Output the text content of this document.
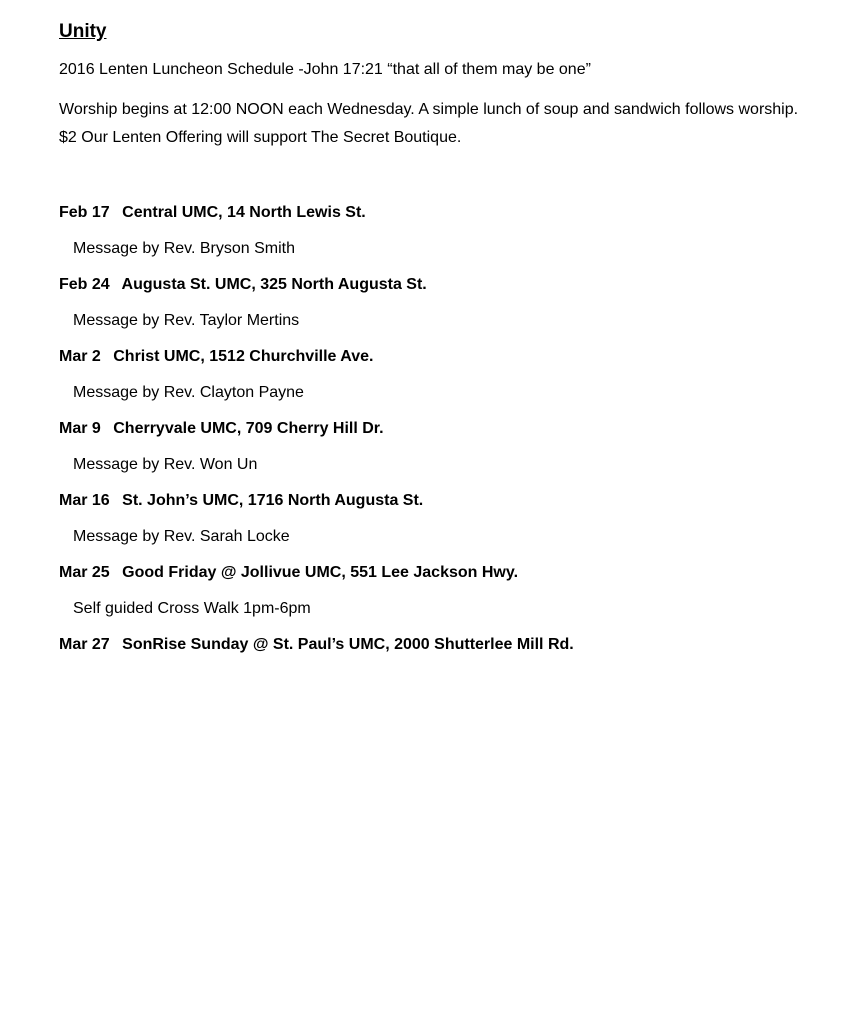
Unity

2016 Lenten Luncheon Schedule -John 17:21 “that all of them may be one”

Worship begins at 12:00 NOON each Wednesday. A simple lunch of soup and sandwich follows worship. $2 Our Lenten Offering will support The Secret Boutique.

Feb 17 Central UMC, 14 North Lewis St.
Message by Rev. Bryson Smith
Feb 24 Augusta St. UMC, 325 North Augusta St.
Message by Rev. Taylor Mertins
Mar 2 Christ UMC, 1512 Churchville Ave.
Message by Rev. Clayton Payne
Mar 9 Cherryvale UMC, 709 Cherry Hill Dr.
Message by Rev. Won Un
Mar 16 St. John’s UMC, 1716 North Augusta St.
Message by Rev. Sarah Locke
Mar 25 Good Friday @ Jollivue UMC, 551 Lee Jackson Hwy.
Self guided Cross Walk 1pm-6pm
Mar 27 SonRise Sunday @ St. Paul’s UMC, 2000 Shutterlee Mill Rd.
